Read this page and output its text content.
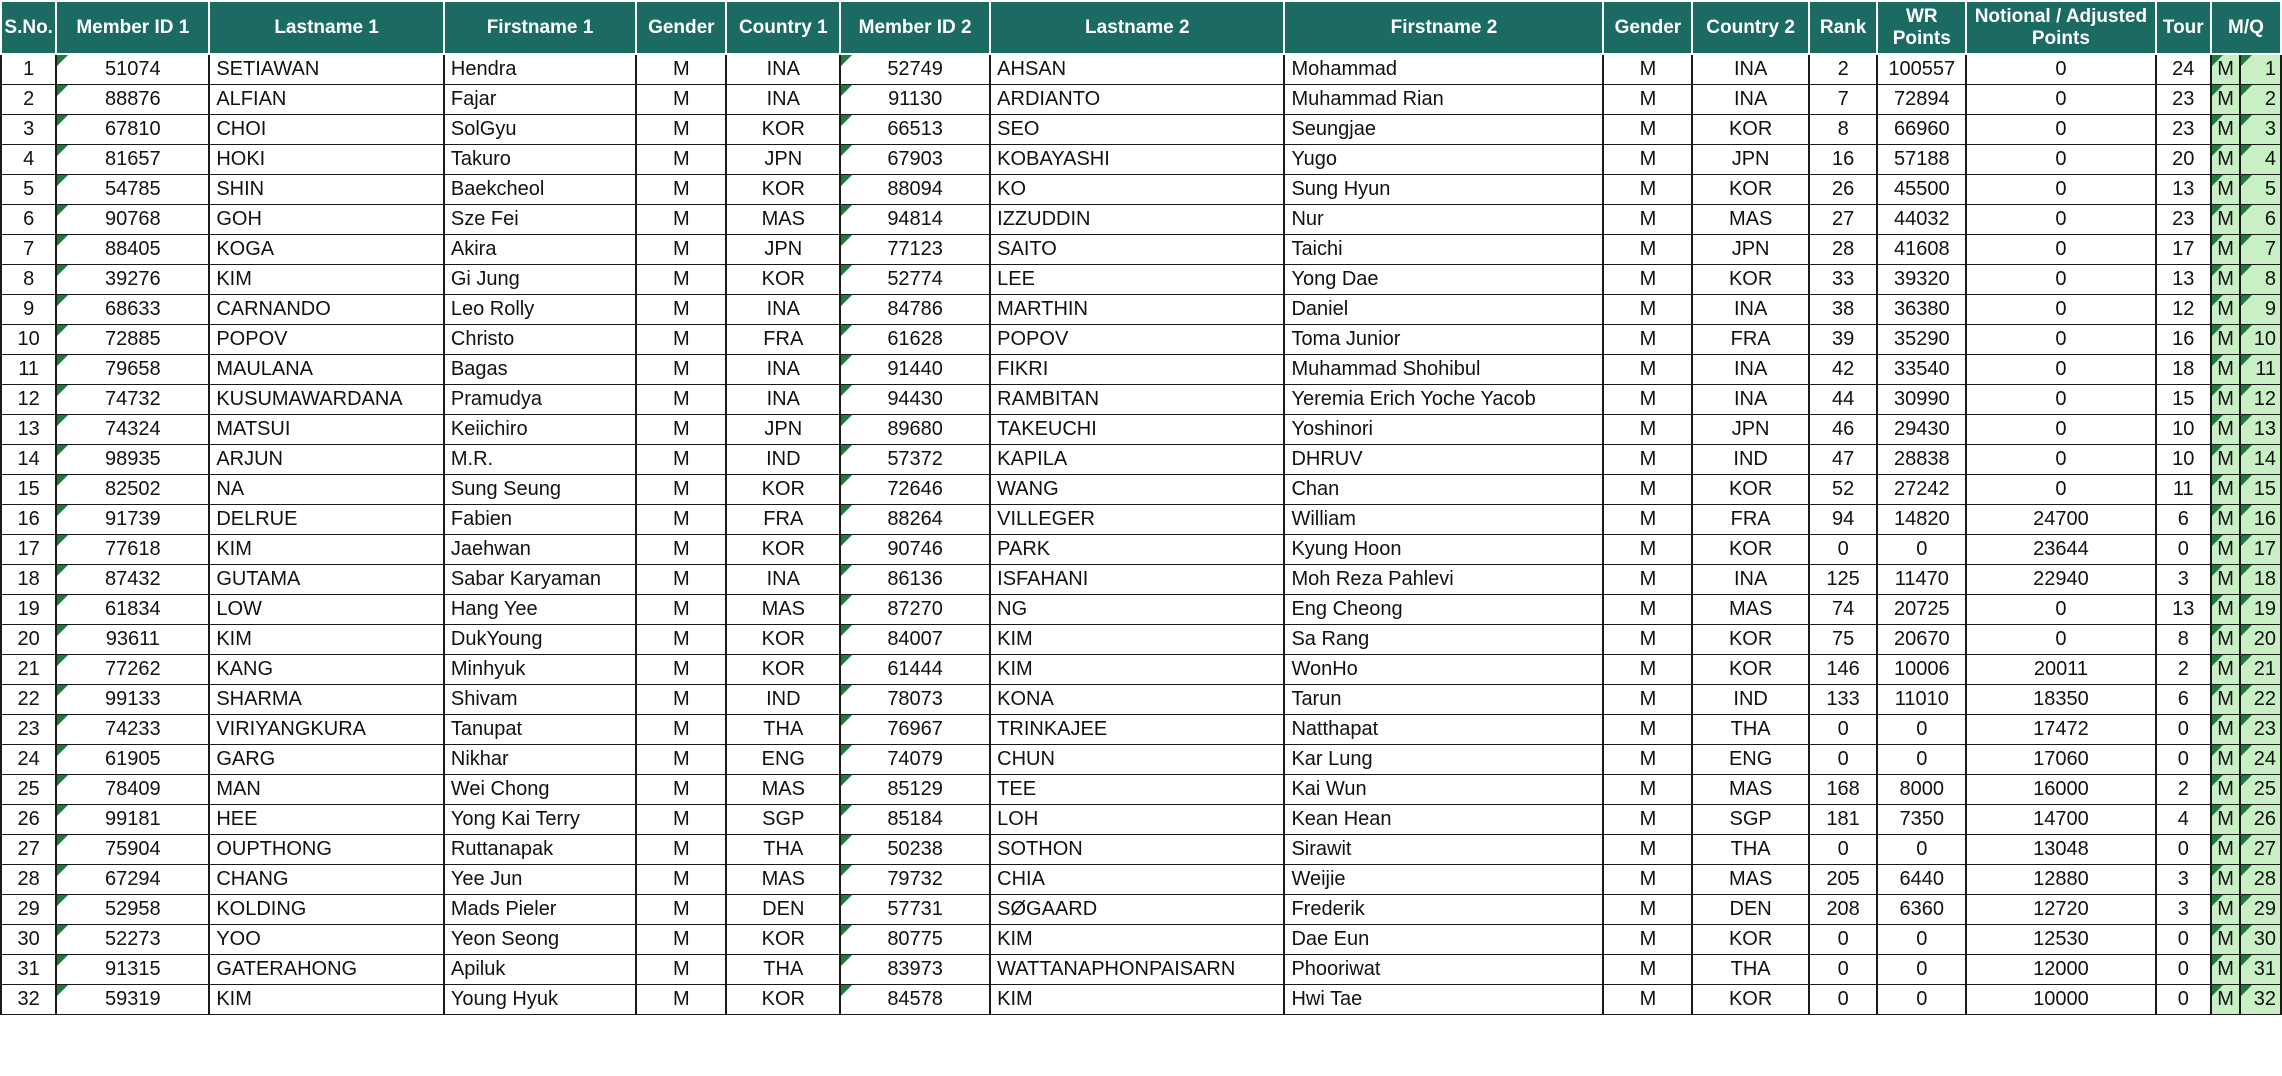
S.No.	Member ID 1	Lastname 1	Firstname 1	Gender	Country 1	Member ID 2	Lastname 2	Firstname 2	Gender	Country 2	Rank	WR Points	Notional / Adjusted Points	Tour	M/Q	
1	51074	SETIAWAN	Hendra	M	INA	52749	AHSAN	Mohammad	M	INA	2	100557	0	24	M	1
2	88876	ALFIAN	Fajar	M	INA	91130	ARDIANTO	Muhammad Rian	M	INA	7	72894	0	23	M	2
3	67810	CHOI	SolGyu	M	KOR	66513	SEO	Seungjae	M	KOR	8	66960	0	23	M	3
4	81657	HOKI	Takuro	M	JPN	67903	KOBAYASHI	Yugo	M	JPN	16	57188	0	20	M	4
5	54785	SHIN	Baekcheol	M	KOR	88094	KO	Sung Hyun	M	KOR	26	45500	0	13	M	5
6	90768	GOH	Sze Fei	M	MAS	94814	IZZUDDIN	Nur	M	MAS	27	44032	0	23	M	6
7	88405	KOGA	Akira	M	JPN	77123	SAITO	Taichi	M	JPN	28	41608	0	17	M	7
8	39276	KIM	Gi Jung	M	KOR	52774	LEE	Yong Dae	M	KOR	33	39320	0	13	M	8
9	68633	CARNANDO	Leo Rolly	M	INA	84786	MARTHIN	Daniel	M	INA	38	36380	0	12	M	9
10	72885	POPOV	Christo	M	FRA	61628	POPOV	Toma Junior	M	FRA	39	35290	0	16	M	10
11	79658	MAULANA	Bagas	M	INA	91440	FIKRI	Muhammad Shohibul	M	INA	42	33540	0	18	M	11
12	74732	KUSUMAWARDANA	Pramudya	M	INA	94430	RAMBITAN	Yeremia Erich Yoche Yacob	M	INA	44	30990	0	15	M	12
13	74324	MATSUI	Keiichiro	M	JPN	89680	TAKEUCHI	Yoshinori	M	JPN	46	29430	0	10	M	13
14	98935	ARJUN	M.R.	M	IND	57372	KAPILA	DHRUV	M	IND	47	28838	0	10	M	14
15	82502	NA	Sung Seung	M	KOR	72646	WANG	Chan	M	KOR	52	27242	0	11	M	15
16	91739	DELRUE	Fabien	M	FRA	88264	VILLEGER	William	M	FRA	94	14820	24700	6	M	16
17	77618	KIM	Jaehwan	M	KOR	90746	PARK	Kyung Hoon	M	KOR	0	0	23644	0	M	17
18	87432	GUTAMA	Sabar Karyaman	M	INA	86136	ISFAHANI	Moh Reza Pahlevi	M	INA	125	11470	22940	3	M	18
19	61834	LOW	Hang Yee	M	MAS	87270	NG	Eng Cheong	M	MAS	74	20725	0	13	M	19
20	93611	KIM	DukYoung	M	KOR	84007	KIM	Sa Rang	M	KOR	75	20670	0	8	M	20
21	77262	KANG	Minhyuk	M	KOR	61444	KIM	WonHo	M	KOR	146	10006	20011	2	M	21
22	99133	SHARMA	Shivam	M	IND	78073	KONA	Tarun	M	IND	133	11010	18350	6	M	22
23	74233	VIRIYANGKURA	Tanupat	M	THA	76967	TRINKAJEE	Natthapat	M	THA	0	0	17472	0	M	23
24	61905	GARG	Nikhar	M	ENG	74079	CHUN	Kar Lung	M	ENG	0	0	17060	0	M	24
25	78409	MAN	Wei Chong	M	MAS	85129	TEE	Kai Wun	M	MAS	168	8000	16000	2	M	25
26	99181	HEE	Yong Kai Terry	M	SGP	85184	LOH	Kean Hean	M	SGP	181	7350	14700	4	M	26
27	75904	OUPTHONG	Ruttanapak	M	THA	50238	SOTHON	Sirawit	M	THA	0	0	13048	0	M	27
28	67294	CHANG	Yee Jun	M	MAS	79732	CHIA	Weijie	M	MAS	205	6440	12880	3	M	28
29	52958	KOLDING	Mads Pieler	M	DEN	57731	SØGAARD	Frederik	M	DEN	208	6360	12720	3	M	29
30	52273	YOO	Yeon Seong	M	KOR	80775	KIM	Dae Eun	M	KOR	0	0	12530	0	M	30
31	91315	GATERAHONG	Apiluk	M	THA	83973	WATTANAPHONPAISARN	Phooriwat	M	THA	0	0	12000	0	M	31
32	59319	KIM	Young Hyuk	M	KOR	84578	KIM	Hwi Tae	M	KOR	0	0	10000	0	M	32
